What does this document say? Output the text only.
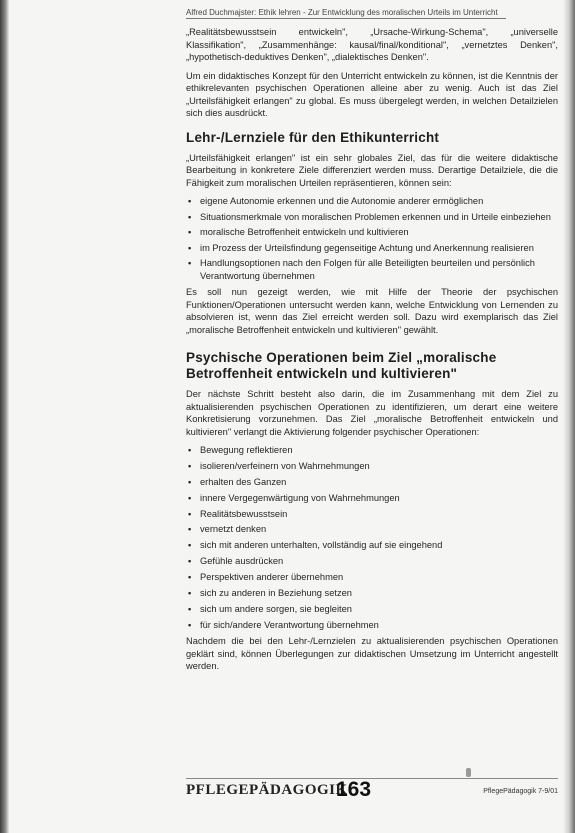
Alfred Duchmajster: Ethik lehren - Zur Entwicklung des moralischen Urteils im Unterricht

„Realitätsbewusstsein entwickeln", „Ursache-Wirkung-Schema", „universelle Klassifikation", „Zusammenhänge: kausal/final/konditional", „vernetztes Denken", „hypothetisch-deduktives Denken", „dialektisches Denken".

Um ein didaktisches Konzept für den Unterricht entwickeln zu können, ist die Kenntnis der ethikrelevanten psychischen Operationen alleine aber zu wenig. Auch ist das Ziel „Urteilsfähigkeit erlangen" zu global. Es muss übergelegt werden, in welchen Detailzielen sich dies ausdrückt.

Lehr-/Lernziele für den Ethikunterricht

„Urteilsfähigkeit erlangen" ist ein sehr globales Ziel, das für die weitere didaktische Bearbeitung in konkretere Ziele differenziert werden muss. Derartige Detailziele, die die Fähigkeit zum moralischen Urteilen repräsentieren, können sein:

• eigene Autonomie erkennen und die Autonomie anderer ermöglichen
• Situationsmerkmale von moralischen Problemen erkennen und in Urteile einbeziehen
• moralische Betroffenheit entwickeln und kultivieren
• im Prozess der Urteilsfindung gegenseitige Achtung und Anerkennung realisieren
• Handlungsoptionen nach den Folgen für alle Beteiligten beurteilen und persönlich Verantwortung übernehmen

Es soll nun gezeigt werden, wie mit Hilfe der Theorie der psychischen Funktionen/Operationen untersucht werden kann, welche Entwicklung von Lernenden zu absolvieren ist, wenn das Ziel erreicht werden soll. Dazu wird exemplarisch das Ziel „moralische Betroffenheit entwickeln und kultivieren" gewählt.

Psychische Operationen beim Ziel „moralische Betroffenheit entwickeln und kultivieren"

Der nächste Schritt besteht also darin, die im Zusammenhang mit dem Ziel zu aktualisierenden psychischen Operationen zu identifizieren, um derart eine weitere Konkretisierung vorzunehmen. Das Ziel „moralische Betroffenheit entwickeln und kultivieren" verlangt die Aktivierung folgender psychischer Operationen:

• Bewegung reflektieren
• isolieren/verfeinern von Wahrnehmungen
• erhalten des Ganzen
• innere Vergegenwärtigung von Wahrnehmungen
• Realitätsbewusstsein
• vernetzt denken
• sich mit anderen unterhalten, vollständig auf sie eingehend
• Gefühle ausdrücken
• Perspektiven anderer übernehmen
• sich zu anderen in Beziehung setzen
• sich um andere sorgen, sie begleiten
• für sich/andere Verantwortung übernehmen

Nachdem die bei den Lehr-/Lernzielen zu aktualisierenden psychischen Operationen geklärt sind, können Überlegungen zur didaktischen Umsetzung im Unterricht angestellt werden.

PFLEGEPÄDAGOGIK
163	PflegePädagogik 7-9/01
